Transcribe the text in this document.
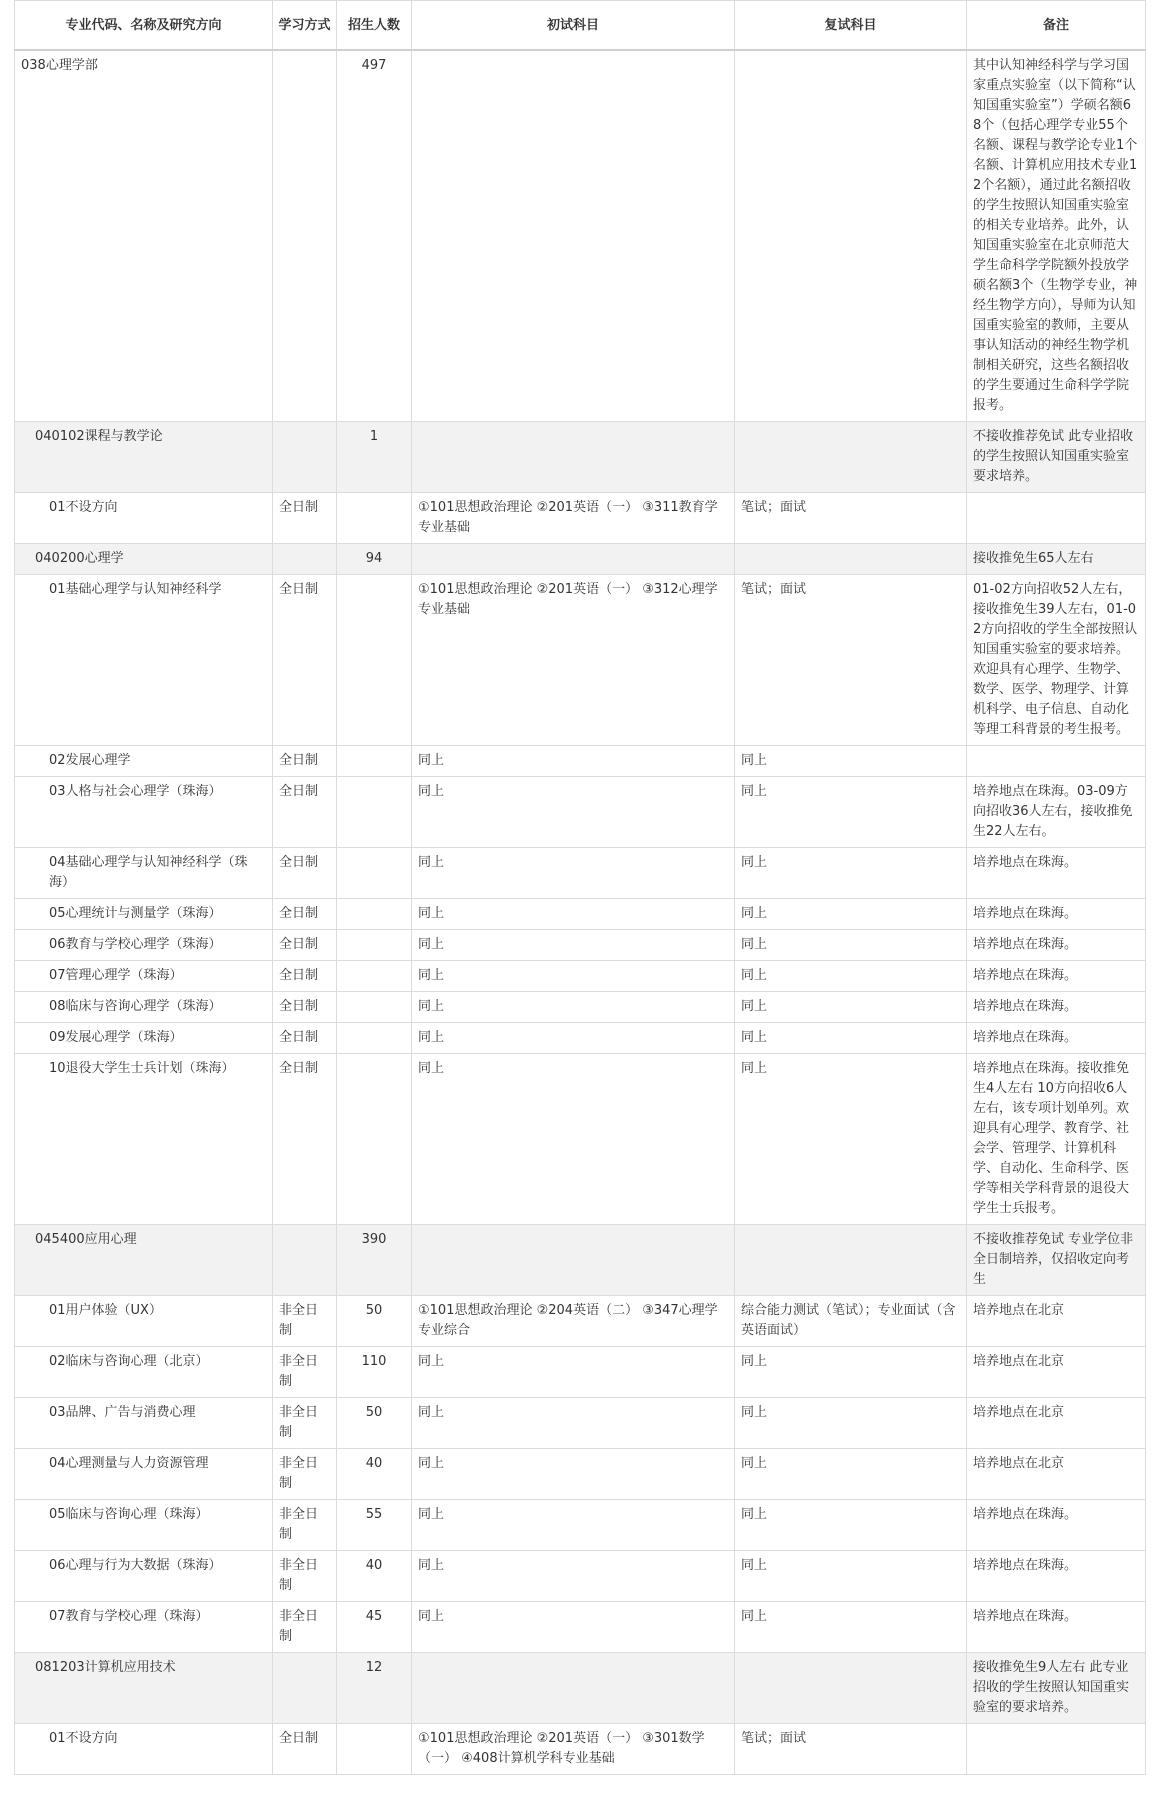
专业代码、名称及研究方向	学习方式	招生人数	初试科目	复试科目	备注
038心理学部		497			其中认知神经科学与学习国家重点实验室（以下简称“认知国重实验室”）学硕名额68个（包括心理学专业55个名额、课程与教学论专业1个名额、计算机应用技术专业12个名额），通过此名额招收的学生按照认知国重实验室的相关专业培养。此外，认知国重实验室在北京师范大学生命科学学院额外投放学硕名额3个（生物学专业，神经生物学方向），导师为认知国重实验室的教师，主要从事认知活动的神经生物学机制相关研究，这些名额招收的学生要通过生命科学学院报考。
040102课程与教学论		1			不接收推荐免试 此专业招收的学生按照认知国重实验室要求培养。
01不设方向	全日制		①101思想政治理论 ②201英语（一） ③311教育学专业基础	笔试；面试	
040200心理学		94			接收推免生65人左右
01基础心理学与认知神经科学	全日制		①101思想政治理论 ②201英语（一） ③312心理学专业基础	笔试；面试	01-02方向招收52人左右，接收推免生39人左右，01-02方向招收的学生全部按照认知国重实验室的要求培养。欢迎具有心理学、生物学、数学、医学、物理学、计算机科学、电子信息、自动化等理工科背景的考生报考。
02发展心理学	全日制		同上	同上	
03人格与社会心理学（珠海）	全日制		同上	同上	培养地点在珠海。03-09方向招收36人左右，接收推免生22人左右。
04基础心理学与认知神经科学（珠海）	全日制		同上	同上	培养地点在珠海。
05心理统计与测量学（珠海）	全日制		同上	同上	培养地点在珠海。
06教育与学校心理学（珠海）	全日制		同上	同上	培养地点在珠海。
07管理心理学（珠海）	全日制		同上	同上	培养地点在珠海。
08临床与咨询心理学（珠海）	全日制		同上	同上	培养地点在珠海。
09发展心理学（珠海）	全日制		同上	同上	培养地点在珠海。
10退役大学生士兵计划（珠海）	全日制		同上	同上	培养地点在珠海。接收推免生4人左右 10方向招收6人左右，该专项计划单列。欢迎具有心理学、教育学、社会学、管理学、计算机科学、自动化、生命科学、医学等相关学科背景的退役大学生士兵报考。
045400应用心理		390			不接收推荐免试 专业学位非全日制培养，仅招收定向考生
01用户体验（UX）	非全日制	50	①101思想政治理论 ②204英语（二） ③347心理学专业综合	综合能力测试（笔试）；专业面试（含英语面试）	培养地点在北京
02临床与咨询心理（北京）	非全日制	110	同上	同上	培养地点在北京
03品牌、广告与消费心理	非全日制	50	同上	同上	培养地点在北京
04心理测量与人力资源管理	非全日制	40	同上	同上	培养地点在北京
05临床与咨询心理（珠海）	非全日制	55	同上	同上	培养地点在珠海。
06心理与行为大数据（珠海）	非全日制	40	同上	同上	培养地点在珠海。
07教育与学校心理（珠海）	非全日制	45	同上	同上	培养地点在珠海。
081203计算机应用技术		12			接收推免生9人左右 此专业招收的学生按照认知国重实验室的要求培养。
01不设方向	全日制		①101思想政治理论 ②201英语（一） ③301数学（一） ④408计算机学科专业基础	笔试；面试	
